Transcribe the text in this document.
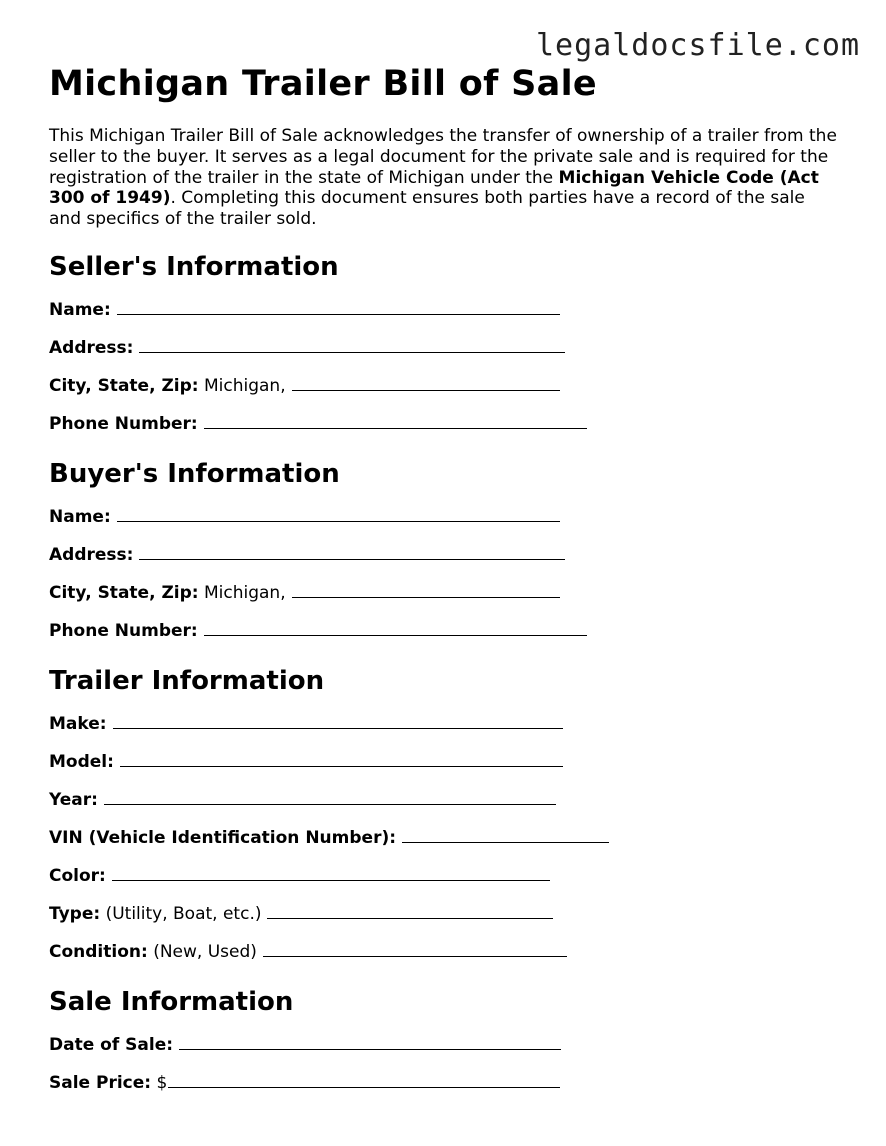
legaldocsfile.com
Michigan Trailer Bill of Sale

This Michigan Trailer Bill of Sale acknowledges the transfer of ownership of a trailer from the seller to the buyer. It serves as a legal document for the private sale and is required for the registration of the trailer in the state of Michigan under the Michigan Vehicle Code (Act 300 of 1949). Completing this document ensures both parties have a record of the sale and specifics of the trailer sold.

Seller's Information
Name:
Address:
City, State, Zip: Michigan,
Phone Number:
Buyer's Information
Name:
Address:
City, State, Zip: Michigan,
Phone Number:
Trailer Information
Make:
Model:
Year:
VIN (Vehicle Identification Number):
Color:
Type: (Utility, Boat, etc.)
Condition: (New, Used)
Sale Information
Date of Sale:
Sale Price: $
